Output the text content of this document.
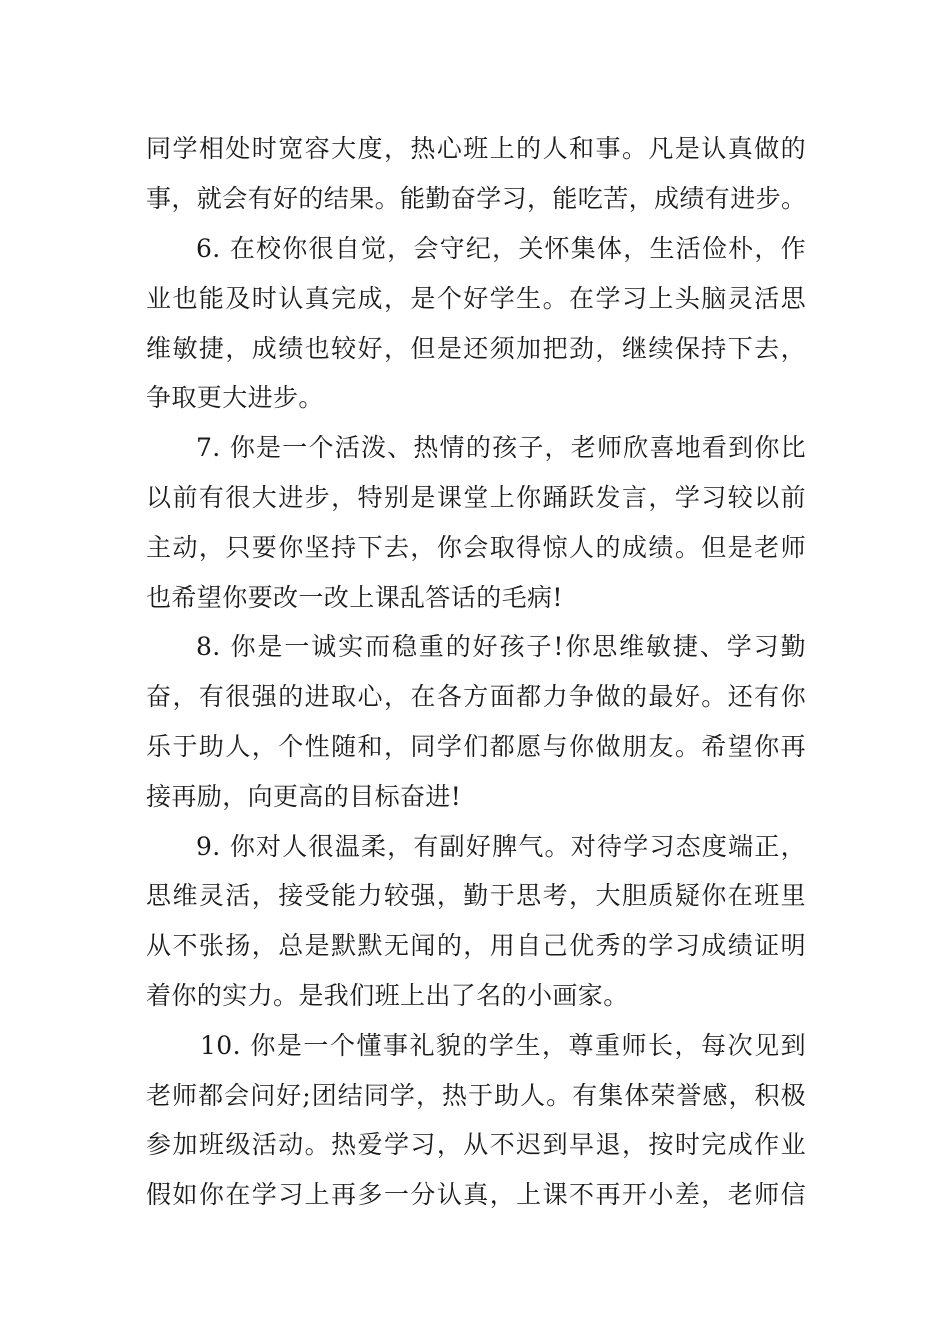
同学相处时宽容大度，热心班上的人和事。凡是认真做的
事，就会有好的结果。能勤奋学习，能吃苦，成绩有进步。
6. 在校你很自觉，会守纪，关怀集体，生活俭朴，作
业也能及时认真完成，是个好学生。在学习上头脑灵活思
维敏捷，成绩也较好，但是还须加把劲，继续保持下去，
争取更大进步。
7. 你是一个活泼、热情的孩子，老师欣喜地看到你比
以前有很大进步，特别是课堂上你踊跃发言，学习较以前
主动，只要你坚持下去，你会取得惊人的成绩。但是老师
也希望你要改一改上课乱答话的毛病!
8. 你是一诚实而稳重的好孩子!你思维敏捷、学习勤
奋，有很强的进取心，在各方面都力争做的最好。还有你
乐于助人，个性随和，同学们都愿与你做朋友。希望你再
接再励，向更高的目标奋进!
9. 你对人很温柔，有副好脾气。对待学习态度端正，
思维灵活，接受能力较强，勤于思考，大胆质疑你在班里
从不张扬，总是默默无闻的，用自己优秀的学习成绩证明
着你的实力。是我们班上出了名的小画家。
10. 你是一个懂事礼貌的学生，尊重师长，每次见到
老师都会问好;团结同学，热于助人。有集体荣誉感，积极
参加班级活动。热爱学习，从不迟到早退，按时完成作业
假如你在学习上再多一分认真，上课不再开小差，老师信
